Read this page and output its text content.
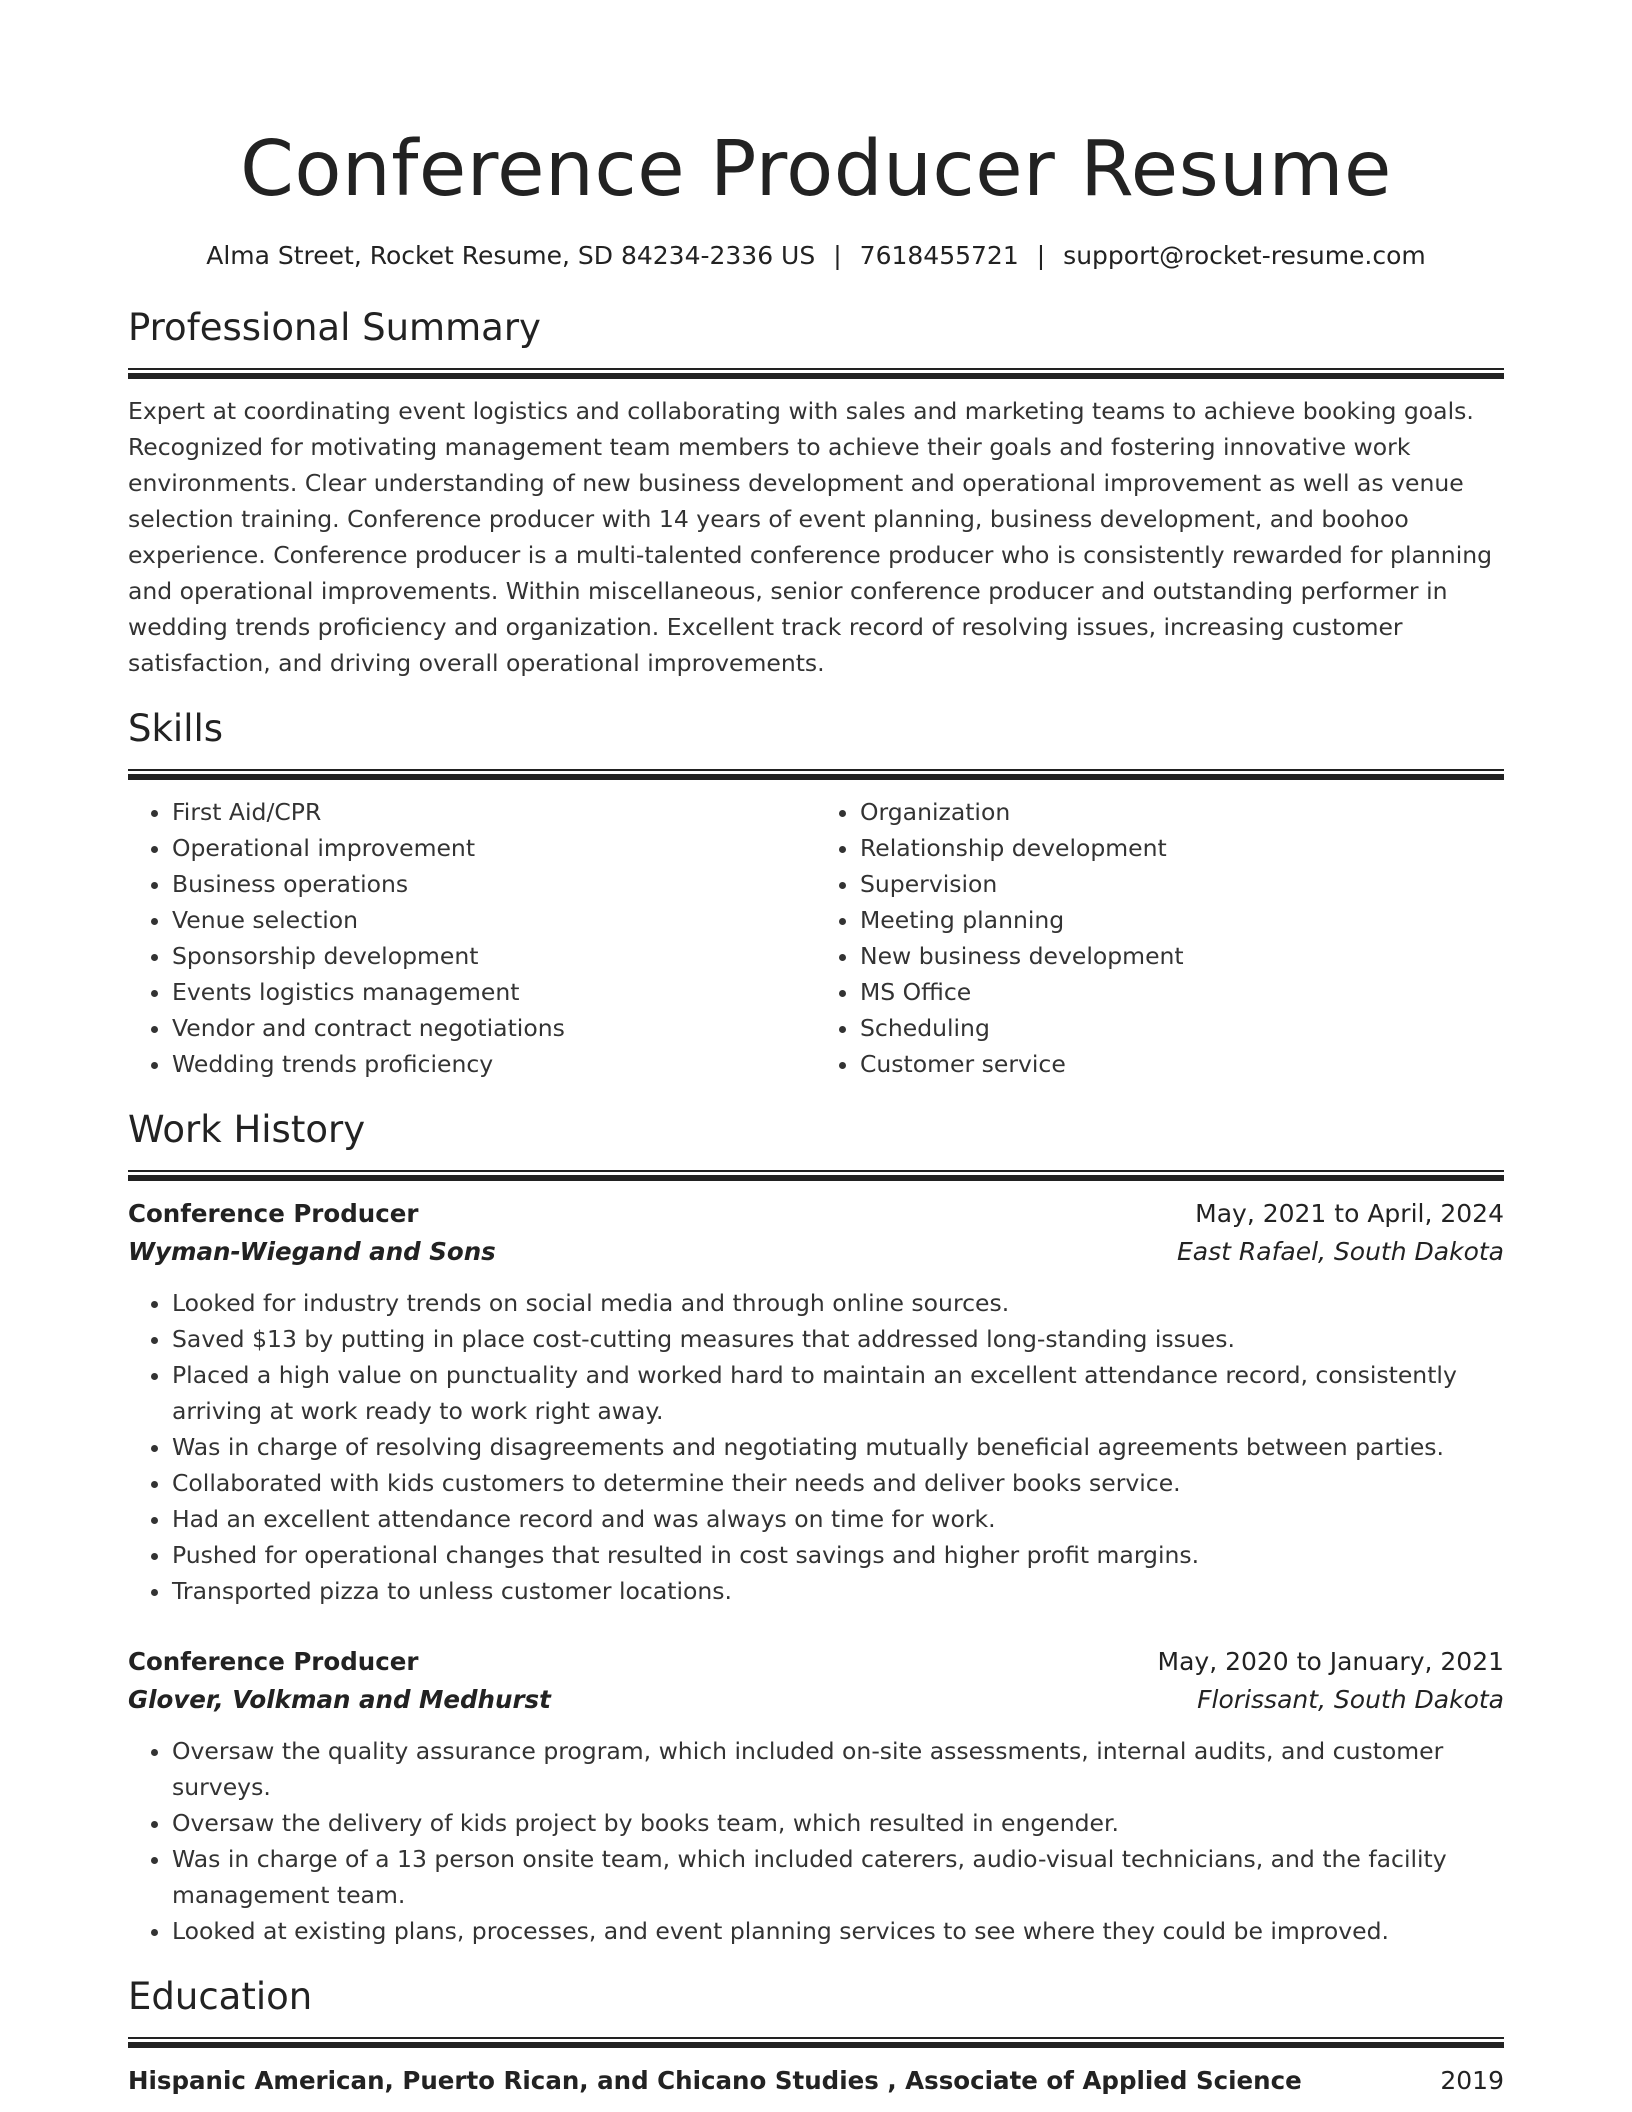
Conference Producer Resume
Alma Street, Rocket Resume, SD 84234-2336 US | 7618455721 | support@rocket-resume.com
Professional Summary

Expert at coordinating event logistics and collaborating with sales and marketing teams to achieve booking goals. Recognized for motivating management team members to achieve their goals and fostering innovative work environments. Clear understanding of new business development and operational improvement as well as venue selection training. Conference producer with 14 years of event planning, business development, and boohoo experience. Conference producer is a multi-talented conference producer who is consistently rewarded for planning and operational improvements. Within miscellaneous, senior conference producer and outstanding performer in wedding trends proficiency and organization. Excellent track record of resolving issues, increasing customer satisfaction, and driving overall operational improvements.

Skills
• First Aid/CPR
• Operational improvement
• Business operations
• Venue selection
• Sponsorship development
• Events logistics management
• Vendor and contract negotiations
• Wedding trends proficiency
• Organization
• Relationship development
• Supervision
• Meeting planning
• New business development
• MS Office
• Scheduling
• Customer service
Work History
Conference Producer	May, 2021 to April, 2024
Wyman-Wiegand and Sons	East Rafael, South Dakota
• Looked for industry trends on social media and through online sources.
• Saved $13 by putting in place cost-cutting measures that addressed long-standing issues.
• Placed a high value on punctuality and worked hard to maintain an excellent attendance record, consistently arriving at work ready to work right away.
• Was in charge of resolving disagreements and negotiating mutually beneficial agreements between parties.
• Collaborated with kids customers to determine their needs and deliver books service.
• Had an excellent attendance record and was always on time for work.
• Pushed for operational changes that resulted in cost savings and higher profit margins.
• Transported pizza to unless customer locations.
Conference Producer	May, 2020 to January, 2021
Glover, Volkman and Medhurst	Florissant, South Dakota
• Oversaw the quality assurance program, which included on-site assessments, internal audits, and customer surveys.
• Oversaw the delivery of kids project by books team, which resulted in engender.
• Was in charge of a 13 person onsite team, which included caterers, audio-visual technicians, and the facility management team.
• Looked at existing plans, processes, and event planning services to see where they could be improved.
Education
Hispanic American, Puerto Rican, and Chicano Studies , Associate of Applied Science	2019
